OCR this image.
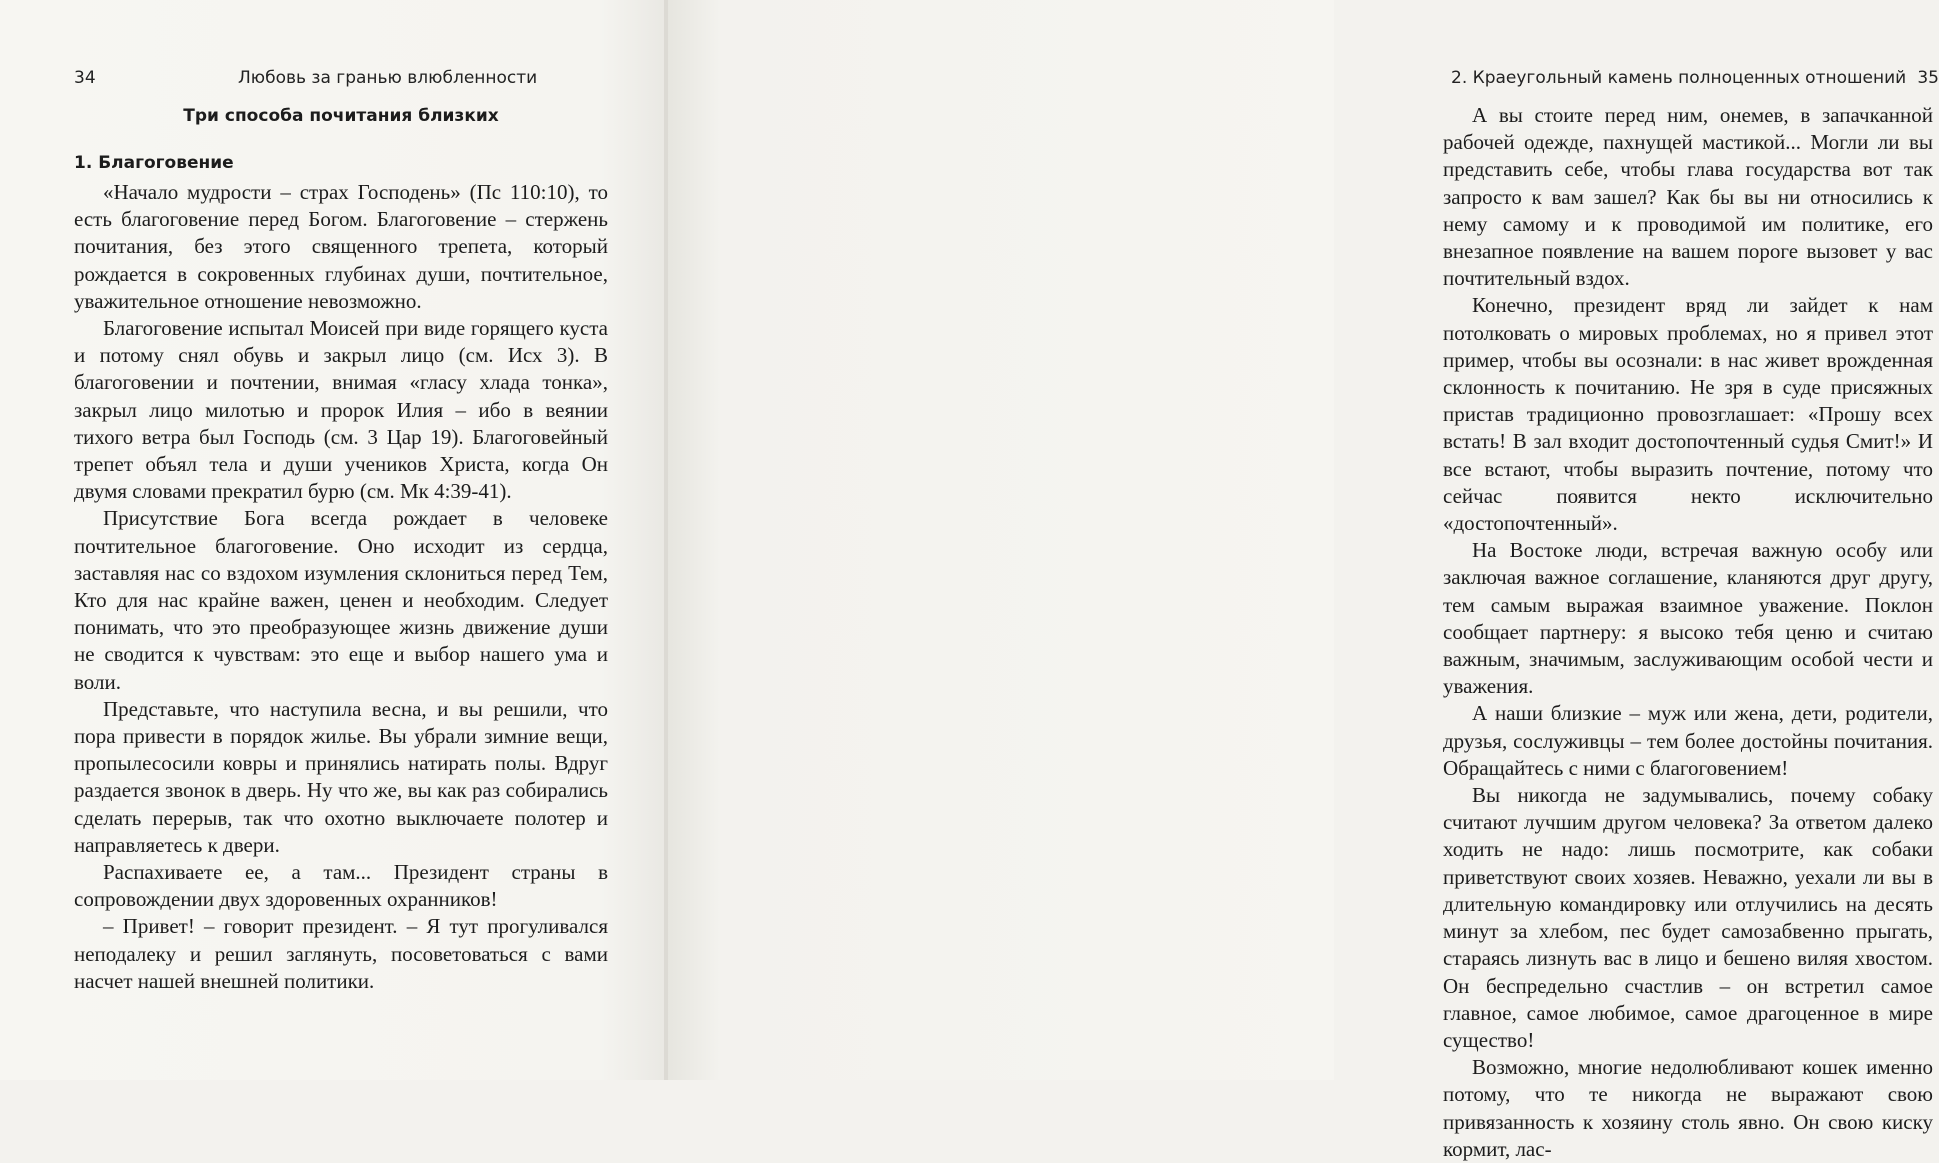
34	Любовь за гранью влюбленности
Три способа почитания близких
1. Благоговение

«Начало мудрости – страх Господень» (Пс 110:10), то есть благоговение перед Богом. Благоговение – стержень почитания, без этого священного трепета, который рождается в сокровенных глубинах души, почтительное, уважительное отношение невозможно.

Благоговение испытал Моисей при виде горящего куста и потому снял обувь и закрыл лицо (см. Исх 3). В благоговении и почтении, внимая «гласу хлада тонка», закрыл лицо милотью и пророк Илия – ибо в веянии тихого ветра был Господь (см. 3 Цар 19). Благоговейный трепет объял тела и души учеников Христа, когда Он двумя словами прекратил бурю (см. Мк 4:39-41).

Присутствие Бога всегда рождает в человеке почтительное благоговение. Оно исходит из сердца, заставляя нас со вздохом изумления склониться перед Тем, Кто для нас крайне важен, ценен и необходим. Следует понимать, что это преобразующее жизнь движение души не сводится к чувствам: это еще и выбор нашего ума и воли.

Представьте, что наступила весна, и вы решили, что пора привести в порядок жилье. Вы убрали зимние вещи, пропылесосили ковры и принялись натирать полы. Вдруг раздается звонок в дверь. Ну что же, вы как раз собирались сделать перерыв, так что охотно выключаете полотер и направляетесь к двери.

Распахиваете ее, а там... Президент страны в сопровождении двух здоровенных охранников!

– Привет! – говорит президент. – Я тут прогуливался неподалеку и решил заглянуть, посоветоваться с вами насчет нашей внешней политики.

2. Краеугольный камень полноценных отношений 35

А вы стоите перед ним, онемев, в запачканной рабочей одежде, пахнущей мастикой... Могли ли вы представить себе, чтобы глава государства вот так запросто к вам зашел? Как бы вы ни относились к нему самому и к проводимой им политике, его внезапное появление на вашем пороге вызовет у вас почтительный вздох.

Конечно, президент вряд ли зайдет к нам потолковать о мировых проблемах, но я привел этот пример, чтобы вы осознали: в нас живет врожденная склонность к почитанию. Не зря в суде присяжных пристав традиционно провозглашает: «Прошу всех встать! В зал входит достопочтенный судья Смит!» И все встают, чтобы выразить почтение, потому что сейчас появится некто исключительно «достопочтенный».

На Востоке люди, встречая важную особу или заключая важное соглашение, кланяются друг другу, тем самым выражая взаимное уважение. Поклон сообщает партнеру: я высоко тебя ценю и считаю важным, значимым, заслуживающим особой чести и уважения.

А наши близкие – муж или жена, дети, родители, друзья, сослуживцы – тем более достойны почитания. Обращайтесь с ними с благоговением!

Вы никогда не задумывались, почему собаку считают лучшим другом человека? За ответом далеко ходить не надо: лишь посмотрите, как собаки приветствуют своих хозяев. Неважно, уехали ли вы в длительную командировку или отлучились на десять минут за хлебом, пес будет самозабвенно прыгать, стараясь лизнуть вас в лицо и бешено виляя хвостом. Он беспредельно счастлив – он встретил самое главное, самое любимое, самое драгоценное в мире существо!

Возможно, многие недолюбливают кошек именно потому, что те никогда не выражают свою привязанность к хозяину столь явно. Он свою киску кормит, лас-
